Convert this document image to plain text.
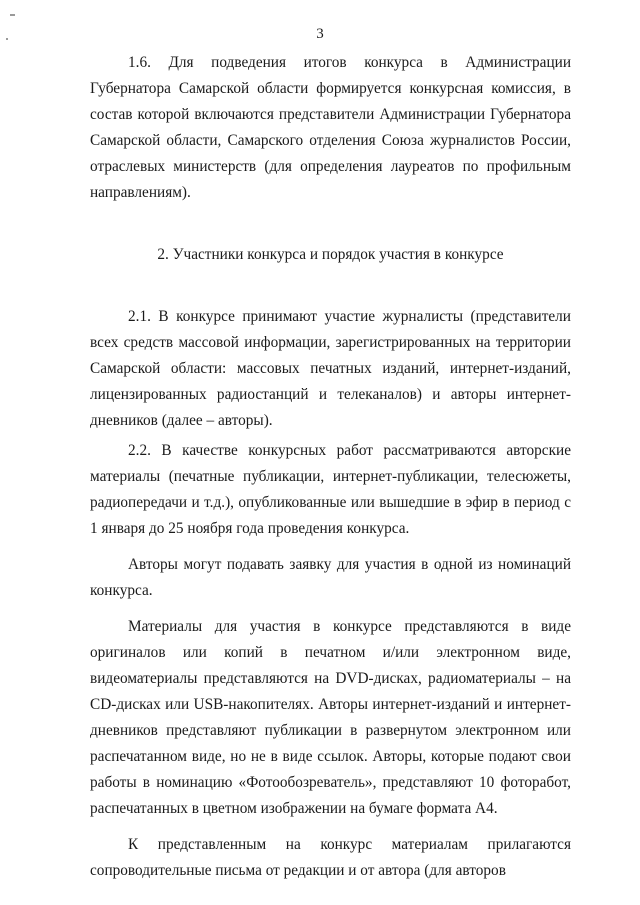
3

1.6. Для подведения итогов конкурса в Администрации Губернатора Самарской области формируется конкурсная комиссия, в состав которой включаются представители Администрации Губернатора Самарской области, Самарского отделения Союза журналистов России, отраслевых министерств (для определения лауреатов по профильным направлениям).

2. Участники конкурса и порядок участия в конкурсе

2.1. В конкурсе принимают участие журналисты (представители всех средств массовой информации, зарегистрированных на территории Самарской области: массовых печатных изданий, интернет-изданий, лицензированных радиостанций и телеканалов) и авторы интернет-дневников (далее – авторы).

2.2. В качестве конкурсных работ рассматриваются авторские материалы (печатные публикации, интернет-публикации, телесюжеты, радиопередачи и т.д.), опубликованные или вышедшие в эфир в период с 1 января до 25 ноября года проведения конкурса.

Авторы могут подавать заявку для участия в одной из номинаций конкурса.

Материалы для участия в конкурсе представляются в виде оригиналов или копий в печатном и/или электронном виде, видеоматериалы представляются на DVD-дисках, радиоматериалы – на CD-дисках или USB-накопителях. Авторы интернет-изданий и интернет-дневников представляют публикации в развернутом электронном или распечатанном виде, но не в виде ссылок. Авторы, которые подают свои работы в номинацию «Фотообозреватель», представляют 10 фоторабот, распечатанных в цветном изображении на бумаге формата А4.

К представленным на конкурс материалам прилагаются сопроводительные письма от редакции и от автора (для авторов
